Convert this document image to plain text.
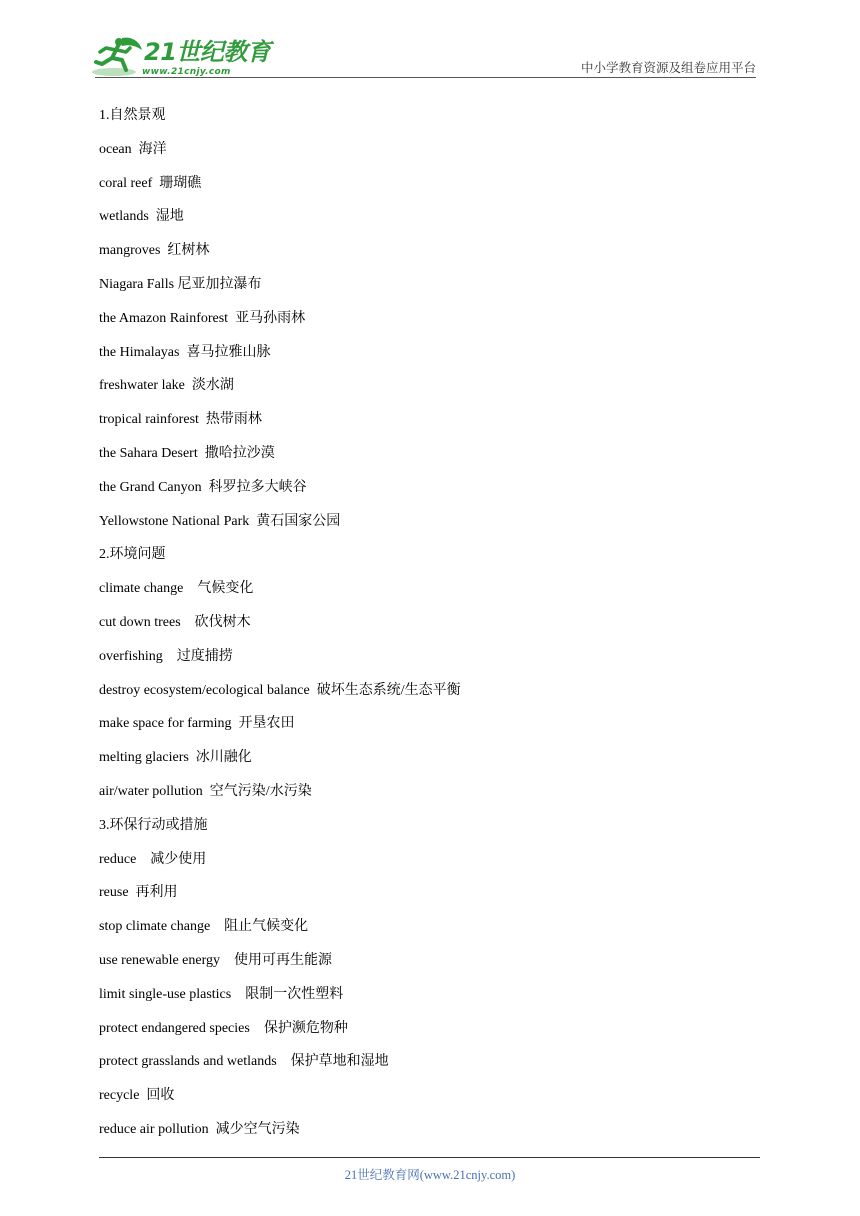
21世纪教育
www.21cnjy.com	中小学教育资源及组卷应用平台
1.自然景观
ocean  海洋
coral reef  珊瑚礁
wetlands  湿地
mangroves  红树林
Niagara Falls 尼亚加拉瀑布
the Amazon Rainforest  亚马孙雨林
the Himalayas  喜马拉雅山脉
freshwater lake  淡水湖
tropical rainforest  热带雨林
the Sahara Desert  撒哈拉沙漠
the Grand Canyon  科罗拉多大峡谷
Yellowstone National Park  黄石国家公园
2.环境问题
climate change    气候变化
cut down trees    砍伐树木
overfishing    过度捕捞
destroy ecosystem/ecological balance  破坏生态系统/生态平衡
make space for farming  开垦农田
melting glaciers  冰川融化
air/water pollution  空气污染/水污染
3.环保行动或措施
reduce    减少使用
reuse  再利用
stop climate change    阻止气候变化
use renewable energy    使用可再生能源
limit single-use plastics    限制一次性塑料
protect endangered species    保护濒危物种
protect grasslands and wetlands    保护草地和湿地
recycle  回收
reduce air pollution  减少空气污染
21世纪教育网(www.21cnjy.com)
